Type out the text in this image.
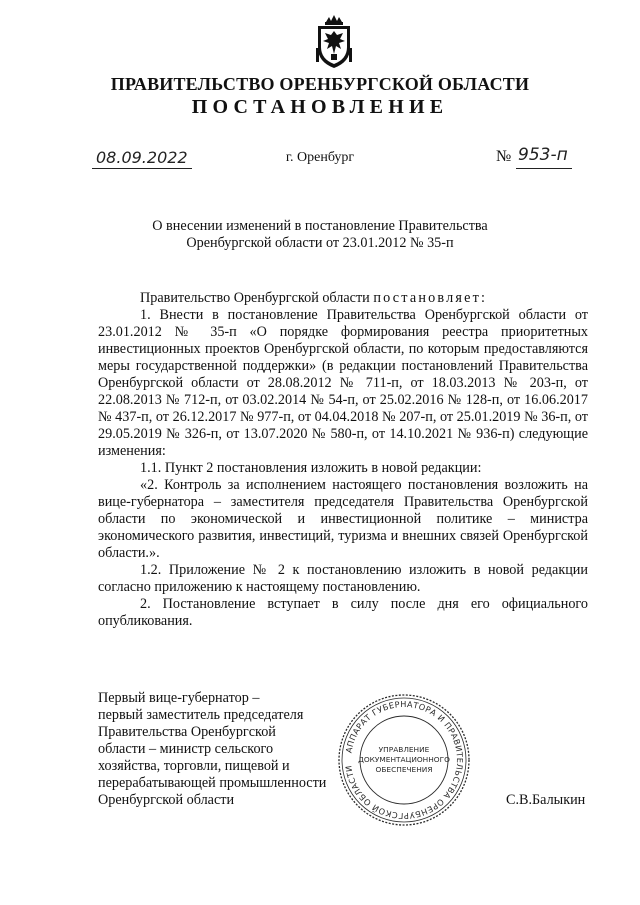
ПРАВИТЕЛЬСТВО ОРЕНБУРГСКОЙ ОБЛАСТИ
ПОСТАНОВЛЕНИЕ
08.09.2022	г. Оренбург	№ 953-п
О внесении изменений в постановление Правительства
Оренбургской области от 23.01.2012 № 35-п

Правительство Оренбургской области постановляет:

1. Внести в постановление Правительства Оренбургской области от 23.01.2012 № 35-п «О порядке формирования реестра приоритетных инвестиционных проектов Оренбургской области, по которым предоставляются меры государственной поддержки» (в редакции постановлений Правительства Оренбургской области от 28.08.2012 № 711-п, от 18.03.2013 № 203-п, от 22.08.2013 № 712-п, от 03.02.2014 № 54-п, от 25.02.2016 № 128-п, от 16.06.2017 № 437-п, от 26.12.2017 № 977-п, от 04.04.2018 № 207-п, от 25.01.2019 № 36-п, от 29.05.2019 № 326-п, от 13.07.2020 № 580-п, от 14.10.2021 № 936-п) следующие изменения:

1.1. Пункт 2 постановления изложить в новой редакции:

«2. Контроль за исполнением настоящего постановления возложить на вице-губернатора – заместителя председателя Правительства Оренбургской области по экономической и инвестиционной политике – министра экономического развития, инвестиций, туризма и внешних связей Оренбургской области.».

1.2. Приложение № 2 к постановлению изложить в новой редакции согласно приложению к настоящему постановлению.

2. Постановление вступает в силу после дня его официального опубликования.

Первый вице-губернатор –
первый заместитель председателя
Правительства Оренбургской
области – министр сельского
хозяйства, торговли, пищевой и
перерабатывающей промышленности
Оренбургской области
АППАРАТ ГУБЕРНАТОРА И ПРАВИТЕЛЬСТВА ОРЕНБУРГСКОЙ ОБЛАСТИ
УПРАВЛЕНИЕ
ДОКУМЕНТАЦИОННОГО
ОБЕСПЕЧЕНИЯ
С.В.Балыкин
